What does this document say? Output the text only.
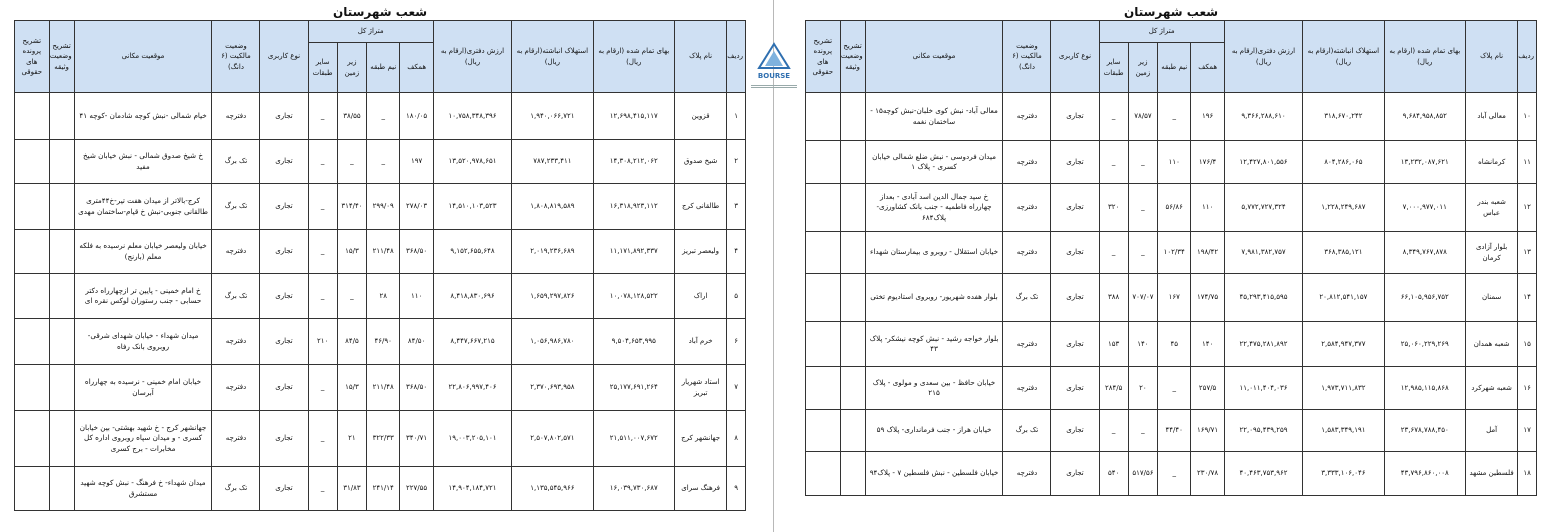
شعب شهرستان
ردیف	نام پلاک	بهای تمام شده (ارقام به ریال)	استهلاک انباشته(ارقام به ریال)	ارزش دفتری(ارقام به ریال)	متراژ کل				نوع کاربری	وضعیت مالکیت (۶ دانگ)	موقعیت مکانی	تشریح وضعیت وثیقه	تشریح پرونده های حقوقی
					همکف	نیم طبقه	زیر زمین	سایر طبقات					
۱	قزوین	۱۲,۶۹۸,۴۱۵,۱۱۷	۱,۹۴۰,۰۶۶,۷۲۱	۱۰,۷۵۸,۳۴۸,۳۹۶	۱۸۰/۰۵	_	۳۸/۵۵	_	تجاری	دفترچه	خیام شمالی -نبش کوچه شادمان -کوچه ۴۱		
۲	شیخ صدوق	۱۴,۳۰۸,۲۱۲,۰۶۲	۷۸۷,۲۳۳,۴۱۱	۱۳,۵۲۰,۹۷۸,۶۵۱	۱۹۷	_	_	_	تجاری	تک برگ	خ شیخ صدوق شمالی - نبش خیابان شیخ مفید		
۳	طالقانی کرج	۱۶,۳۱۸,۹۲۳,۱۱۲	۱,۸۰۸,۸۱۹,۵۸۹	۱۴,۵۱۰,۱۰۳,۵۲۳	۲۷۸/۰۳	۲۹۹/۰۹	۳۱۴/۴۰	_	تجاری	تک برگ	کرج-بالاتر از میدان هفت تیر-خ۴۴متری طالقانی جنوبی-نبش خ قیام-ساختمان مهدی		
۴	ولیعصر تبریز	۱۱,۱۷۱,۸۹۲,۳۳۷	۲,۰۱۹,۲۳۶,۶۸۹	۹,۱۵۲,۶۵۵,۶۴۸	۳۶۸/۵۰	۲۱۱/۴۸	۱۵/۳	_	تجاری	دفترچه	خیابان ولیعصر خیابان معلم نرسیده به فلکه معلم (بارنج)		
۵	اراک	۱۰,۰۷۸,۱۲۸,۵۲۲	۱,۶۵۹,۲۹۷,۸۲۶	۸,۴۱۸,۸۳۰,۶۹۶	۱۱۰	۲۸	_	_	تجاری	تک برگ	خ امام خمینی - پایین تر ازچهارراه دکتر حسابی - جنب رستوران لوکس نقره ای		
۶	خرم آباد	۹,۵۰۴,۶۵۳,۹۹۵	۱,۰۵۶,۹۸۶,۷۸۰	۸,۴۴۷,۶۶۷,۲۱۵	۸۴/۵۰	۴۶/۹۰	۸۴/۵	۲۱۰	تجاری	دفترچه	میدان شهداء - خیابان شهدای شرقی- روبروی بانک رفاه		
۷	استاد شهریار تبریز	۲۵,۱۷۷,۶۹۱,۲۶۴	۲,۳۷۰,۶۹۳,۹۵۸	۲۲,۸۰۶,۹۹۷,۴۰۶	۳۶۸/۵۰	۲۱۱/۴۸	۱۵/۳	_	تجاری	دفترچه	خیابان امام خمینی - نرسیده به چهارراه آبرسان		
۸	جهانشهر کرج	۲۱,۵۱۱,۰۰۷,۶۷۲	۲,۵۰۷,۸۰۲,۵۷۱	۱۹,۰۰۳,۲۰۵,۱۰۱	۳۴۰/۷۱	۳۲۲/۳۳	۲۱	_	تجاری	دفترچه	جهانشهر کرج - خ شهید بهشتی- بین خیابان کسری - و میدان سپاه روبروی اداره کل مخابرات - برج کسری		
۹	فرهنگ سرای	۱۶,۰۳۹,۷۳۰,۶۸۷	۱,۱۳۵,۵۴۵,۹۶۶	۱۴,۹۰۴,۱۸۴,۷۲۱	۲۲۷/۵۵	۲۴۱/۱۴	۳۱/۸۳	_	تجاری	تک برگ	میدان شهداء- خ فرهنگ - نبش کوچه شهید مستشرق		
BOURSE
شعب شهرستان
ردیف	نام پلاک	بهای تمام شده (ارقام به ریال)	استهلاک انباشته(ارقام به ریال)	ارزش دفتری(ارقام به ریال)	متراژ کل				نوع کاربری	وضعیت مالکیت (۶ دانگ)	موقعیت مکانی	تشریح وضعیت وثیقه	تشریح پرونده های حقوقی
					همکف	نیم طبقه	زیر زمین	سایر طبقات					
۱۰	معالی آباد	۹,۶۸۴,۹۵۸,۸۵۲	۳۱۸,۶۷۰,۲۴۲	۹,۳۶۶,۲۸۸,۶۱۰	۱۹۶	_	۷۸/۵۷	_	تجاری	دفترچه	معالی آباد- نبش کوی خلبان-نبش کوچه۱۵ - ساختمان نغمه		
۱۱	کرمانشاه	۱۳,۲۳۲,۰۸۷,۶۲۱	۸۰۴,۲۸۶,۰۶۵	۱۲,۴۲۷,۸۰۱,۵۵۶	۱۷۶/۴	۱۱۰	_	_	تجاری	دفترچه	میدان فردوسی - نبش ضلع شمالی خیابان کسری - پلاک ۱		
۱۲	شعبه بندر عباس	۷,۰۰۰,۹۷۷,۰۱۱	۱,۲۲۸,۲۴۹,۶۸۷	۵,۷۷۲,۷۲۷,۳۲۴	۱۱۰	۵۶/۸۶	_	۳۲۰	تجاری	دفترچه	خ سید جمال الدین اسد آبادی - بعداز چهارراه فاطمیه - جنب بانک کشاورزی-پلاک۶۸۴		
۱۳	بلوار آزادی کرمان	۸,۳۴۹,۷۶۷,۸۷۸	۳۶۸,۳۸۵,۱۲۱	۷,۹۸۱,۳۸۲,۷۵۷	۱۹۸/۴۲	۱۰۲/۳۴	_	_	تجاری	دفترچه	خیابان استقلال - روبرو ی بیمارستان شهداء		
۱۴	سمنان	۶۶,۱۰۵,۹۵۶,۷۵۲	۲۰,۸۱۲,۵۴۱,۱۵۷	۴۵,۲۹۳,۴۱۵,۵۹۵	۱۷۴/۷۵	۱۶۷	۷۰۷/۰۷	۳۸۸	تجاری	تک برگ	بلوار هفده شهریور- روبروی استادیوم تختی		
۱۵	شعبه همدان	۲۵,۰۶۰,۲۲۹,۲۶۹	۲,۵۸۴,۹۴۷,۳۷۷	۲۲,۴۷۵,۲۸۱,۸۹۲	۱۴۰	۴۵	۱۴۰	۱۵۳	تجاری	دفترچه	بلوار خواجه رشید - نبش کوچه نیشکر- پلاک ۴۳		
۱۶	شعبه شهرکرد	۱۲,۹۸۵,۱۱۵,۸۶۸	۱,۹۷۳,۷۱۱,۸۳۲	۱۱,۰۱۱,۴۰۴,۰۳۶	۲۵۷/۵	_	۲۰	۲۸۴/۵	تجاری	دفترچه	خیابان حافظ - بین سعدی و مولوی - پلاک ۲۱۵		
۱۷	آمل	۲۳,۶۷۸,۷۸۸,۴۵۰	۱,۵۸۳,۳۴۹,۱۹۱	۲۲,۰۹۵,۴۳۹,۲۵۹	۱۶۹/۷۱	۴۴/۴۰	_	_	تجاری	تک برگ	خیابان هراز - جنب فرمانداری- پلاک ۵۹		
۱۸	فلسطین مشهد	۴۳,۷۹۶,۸۶۰,۰۰۸	۳,۳۳۳,۱۰۶,۰۴۶	۴۰,۴۶۳,۷۵۳,۹۶۲	۲۳۰/۷۸	_	۵۱۷/۵۶	۵۴۰	تجاری	دفترچه	خیابان فلسطین - نبش فلسطین ۷ - پلاک۹۴		
